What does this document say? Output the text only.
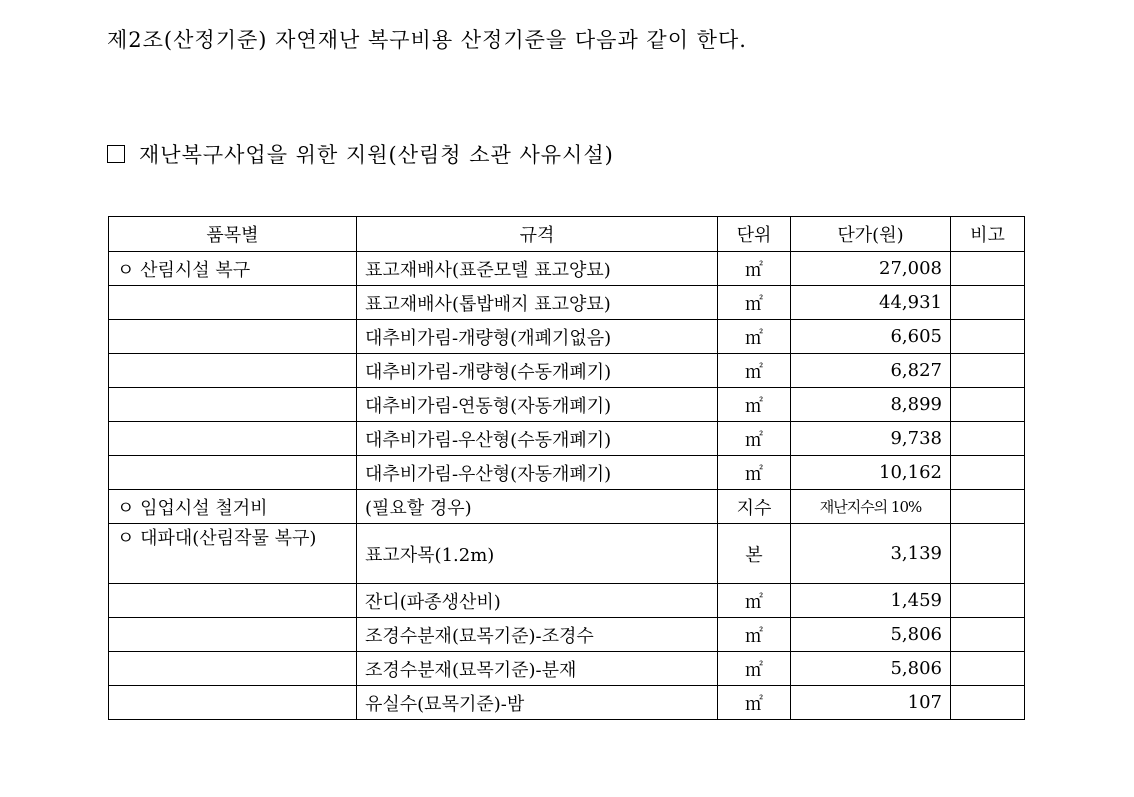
제2조(산정기준) 자연재난 복구비용 산정기준을 다음과 같이 한다.
재난복구사업을 위한 지원(산림청 소관 사유시설)
품목별	규격	단위	단가(원)	비고
ㅇ 산림시설 복구	표고재배사(표준모델 표고양묘)	㎡	27,008	
	표고재배사(톱밥배지 표고양묘)	㎡	44,931	
	대추비가림-개량형(개폐기없음)	㎡	6,605	
	대추비가림-개량형(수동개폐기)	㎡	6,827	
	대추비가림-연동형(자동개폐기)	㎡	8,899	
	대추비가림-우산형(수동개폐기)	㎡	9,738	
	대추비가림-우산형(자동개폐기)	㎡	10,162	
ㅇ 임업시설 철거비	(필요할 경우)	지수	재난지수의 10%	
ㅇ 대파대(산림작물 복구)	표고자목(1.2m)	본	3,139	
	잔디(파종생산비)	㎡	1,459	
	조경수분재(묘목기준)-조경수	㎡	5,806	
	조경수분재(묘목기준)-분재	㎡	5,806	
	유실수(묘목기준)-밤	㎡	107	
